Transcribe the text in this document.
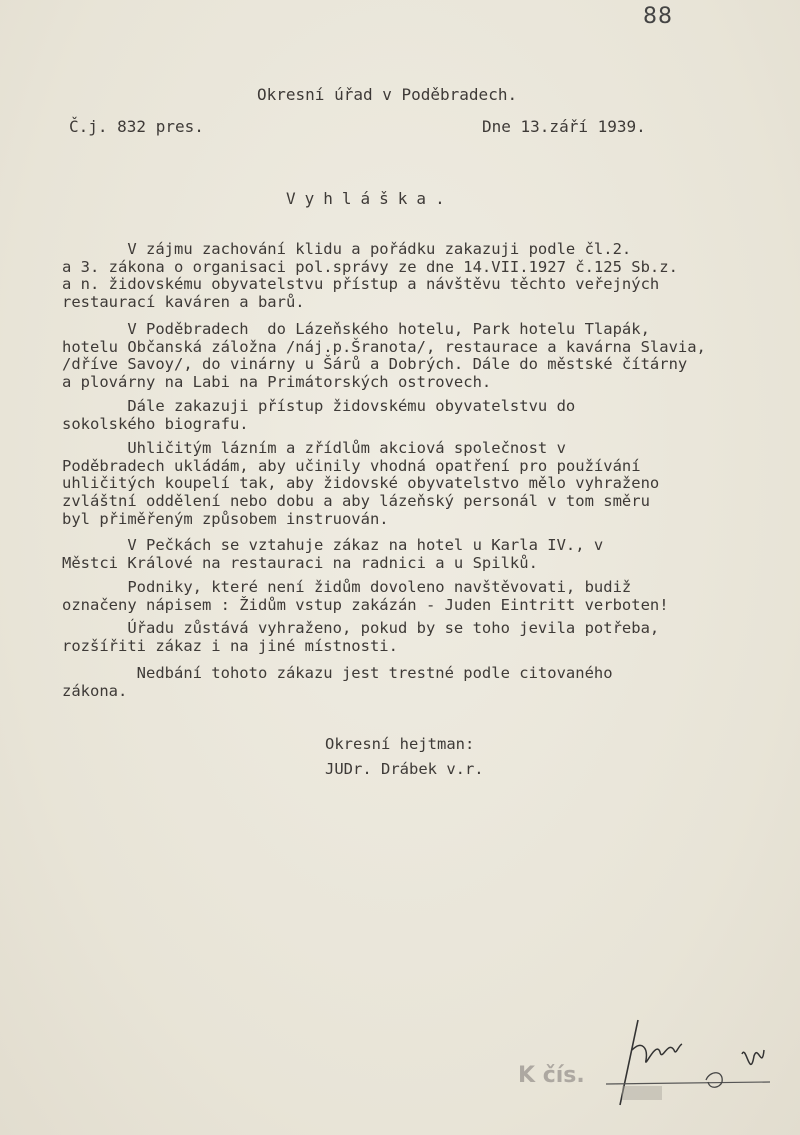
88
Okresní úřad v Poděbradech.
Č.j. 832 pres.	Dne 13.září 1939.
Vyhláška.
V zájmu zachování klidu a pořádku zakazuji podle čl.2.
a 3. zákona o organisaci pol.správy ze dne 14.VII.1927 č.125 Sb.z.
a n. židovskému obyvatelstvu přístup a návštěvu těchto veřejných
restaurací kaváren a barů.
V Poděbradech  do Lázeňského hotelu, Park hotelu Tlapák,
hotelu Občanská záložna /náj.p.Šranota/, restaurace a kavárna Slavia,
/dříve Savoy/, do vinárny u Šárů a Dobrých. Dále do městské čítárny
a plovárny na Labi na Primátorských ostrovech.
Dále zakazuji přístup židovskému obyvatelstvu do
sokolského biografu.
Uhličitým lázním a zřídlům akciová společnost v
Poděbradech ukládám, aby učinily vhodná opatření pro používání
uhličitých koupelí tak, aby židovské obyvatelstvo mělo vyhraženo
zvláštní oddělení nebo dobu a aby lázeňský personál v tom směru
byl přiměřeným způsobem instruován.
V Pečkách se vztahuje zákaz na hotel u Karla IV., v
Městci Králové na restauraci na radnici a u Spilků.
Podniky, které není židům dovoleno navštěvovati, budiž
označeny nápisem : Židům vstup zakázán - Juden Eintritt verboten!
Úřadu zůstává vyhraženo, pokud by se toho jevila potřeba,
rozšířiti zákaz i na jiné místnosti.
Nedbání tohoto zákazu jest trestné podle citovaného
zákona.
Okresní hejtman:
JUDr. Drábek v.r.
K čís.
